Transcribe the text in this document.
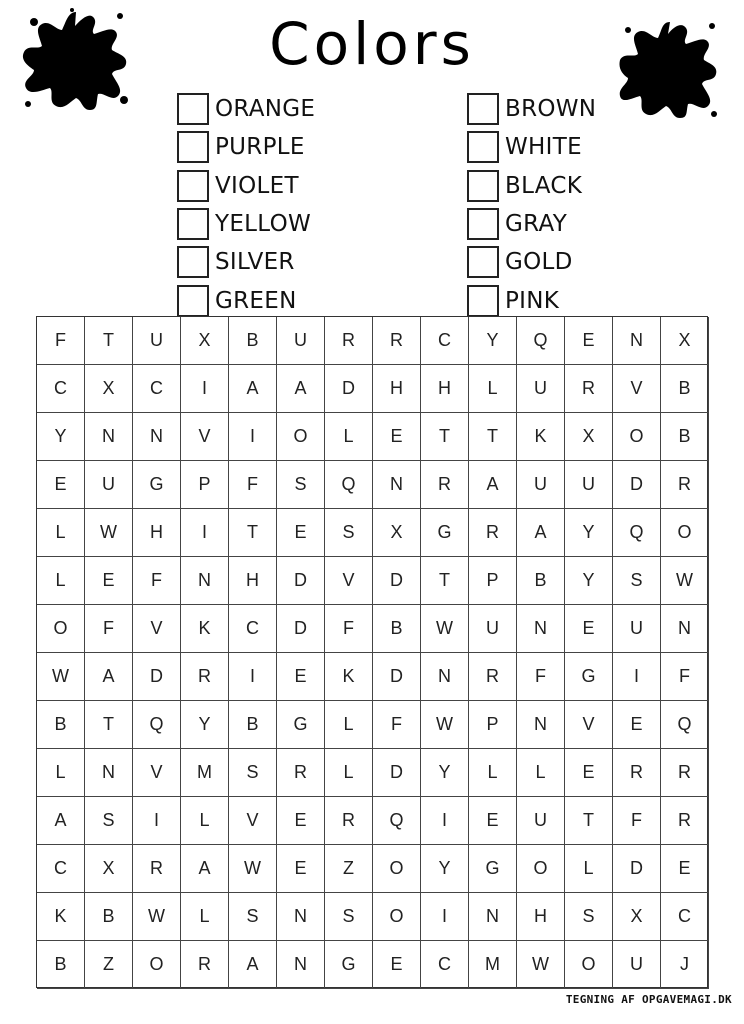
Colors
ORANGE
PURPLE
VIOLET
YELLOW
SILVER
GREEN
BROWN
WHITE
BLACK
GRAY
GOLD
PINK
F	T	U	X	B	U	R	R	C	Y	Q	E	N	X
C	X	C	I	A	A	D	H	H	L	U	R	V	B
Y	N	N	V	I	O	L	E	T	T	K	X	O	B
E	U	G	P	F	S	Q	N	R	A	U	U	D	R
L	W	H	I	T	E	S	X	G	R	A	Y	Q	O
L	E	F	N	H	D	V	D	T	P	B	Y	S	W
O	F	V	K	C	D	F	B	W	U	N	E	U	N
W	A	D	R	I	E	K	D	N	R	F	G	I	F
B	T	Q	Y	B	G	L	F	W	P	N	V	E	Q
L	N	V	M	S	R	L	D	Y	L	L	E	R	R
A	S	I	L	V	E	R	Q	I	E	U	T	F	R
C	X	R	A	W	E	Z	O	Y	G	O	L	D	E
K	B	W	L	S	N	S	O	I	N	H	S	X	C
B	Z	O	R	A	N	G	E	C	M	W	O	U	J
TEGNING AF OPGAVEMAGI.DK
